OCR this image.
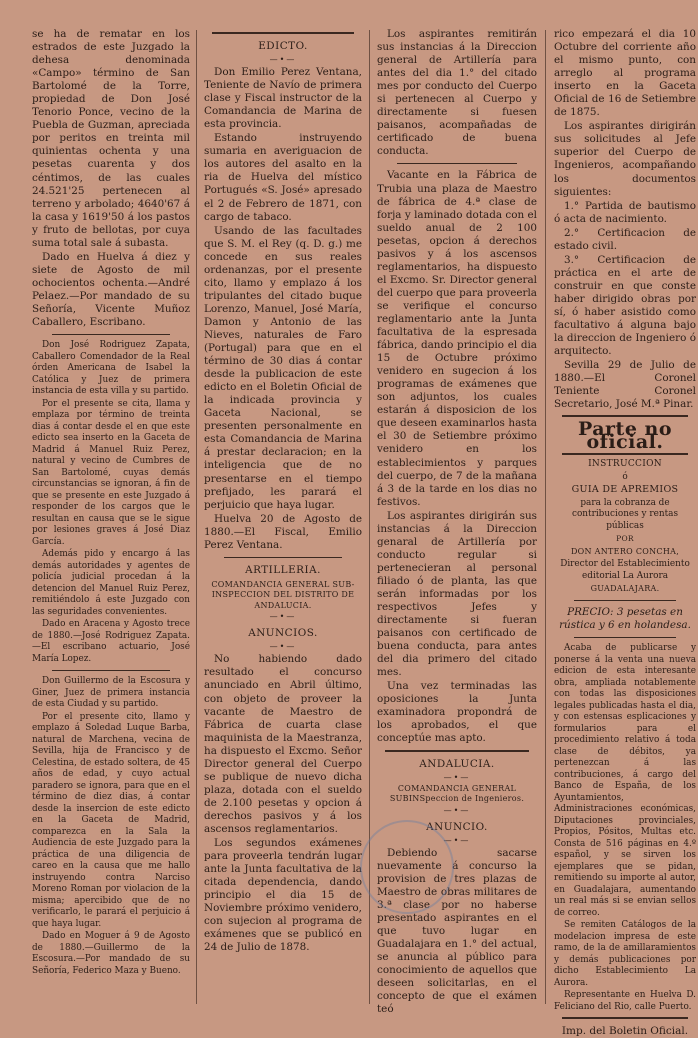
se ha de rematar en los estrados de este Juzgado la dehesa denominada «Campo» término de San Bartolomé de la Torre, propiedad de Don José Tenorio Ponce, vecino de la Puebla de Guzman, apreciada por peritos en treinta mil quinientas ochenta y una pesetas cuarenta y dos céntimos, de las cuales 24.521'25 pertenecen al terreno y arbolado; 4640'67 á la casa y 1619'50 á los pastos y fruto de bellotas, por cuya suma total sale á subasta.

Dado en Huelva á diez y siete de Agosto de mil ochocientos ochenta.—André Pelaez.—Por mandado de su Señoría, Vicente Muñoz Caballero, Escribano.

Don José Rodriguez Zapata, Caballero Comendador de la Real órden Americana de Isabel la Católica y Juez de primera instancia de esta villa y su partido.

Por el presente se cita, llama y emplaza por término de treinta dias á contar desde el en que este edicto sea inserto en la Gaceta de Madrid á Manuel Ruiz Perez, natural y vecino de Cumbres de San Bartolomé, cuyas demás circunstancias se ignoran, á fin de que se presente en este Juzgado á responder de los cargos que le resultan en causa que se le sigue por lesiones graves á José Diaz García.

Además pido y encargo á las demás autoridades y agentes de policía judicial procedan á la detencion del Manuel Ruiz Perez, remitiéndolo á este Juzgado con las seguridades convenientes.

Dado en Aracena y Agosto trece de 1880.—José Rodriguez Zapata.—El escribano actuario, José María Lopez.

Don Guillermo de la Escosura y Giner, Juez de primera instancia de esta Ciudad y su partido.

Por el presente cito, llamo y emplazo á Soledad Luque Barba, natural de Marchena, vecina de Sevilla, hija de Francisco y de Celestina, de estado soltera, de 45 años de edad, y cuyo actual paradero se ignora, para que en el término de diez dias, á contar desde la insercion de este edicto en la Gaceta de Madrid, comparezca en la Sala la Audiencia de este Juzgado para la práctica de una diligencia de careo en la causa que me hallo instruyendo contra Narciso Moreno Roman por violacion de la misma; apercibido que de no verificarlo, le parará el perjuicio á que haya lugar.

Dado en Moguer á 9 de Agosto de 1880.—Guillermo de la Escosura.—Por mandado de su Señoría, Federico Maza y Bueno.

EDICTO.
—•—

Don Emilio Perez Ventana, Teniente de Navío de primera clase y Fiscal instructor de la Comandancia de Marina de esta provincia.

Estando instruyendo sumaria en averiguacion de los autores del asalto en la ria de Huelva del místico Portugués «S. José» apresado el 2 de Febrero de 1871, con cargo de tabaco.

Usando de las facultades que S. M. el Rey (q. D. g.) me concede en sus reales ordenanzas, por el presente cito, llamo y emplazo á los tripulantes del citado buque Lorenzo, Manuel, José María, Damon y Antonio de las Nieves, naturales de Faro (Portugal) para que en el término de 30 dias á contar desde la publicacion de este edicto en el Boletin Oficial de la indicada provincia y Gaceta Nacional, se presenten personalmente en esta Comandancia de Marina á prestar declaracion; en la inteligencia que de no presentarse en el tiempo prefijado, les parará el perjuicio que haya lugar.

Huelva 20 de Agosto de 1880.—El Fiscal, Emilio Perez Ventana.

ARTILLERIA.
COMANDANCIA GENERAL SUB-INSPECCION DEL DISTRITO DE ANDALUCIA.
—•—
ANUNCIOS.
—•—

No habiendo dado resultado el concurso anunciado en Abril último, con objeto de proveer la vacante de Maestro de Fábrica de cuarta clase maquinista de la Maestranza, ha dispuesto el Excmo. Señor Director general del Cuerpo se publique de nuevo dicha plaza, dotada con el sueldo de 2.100 pesetas y opcion á derechos pasivos y á los ascensos reglamentarios.

Los segundos exámenes para proveerla tendrán lugar ante la Junta facultativa de la citada dependencia, dando principio el dia 15 de Noviembre próximo venidero, con sujecion al programa de exámenes que se publicó en 24 de Julio de 1878.

Los aspirantes remitirán sus instancias á la Direccion general de Artillería para antes del dia 1.° del citado mes por conducto del Cuerpo si pertenecen al Cuerpo y directamente si fuesen paisanos, acompañadas de certificado de buena conducta.

Vacante en la Fábrica de Trubia una plaza de Maestro de fábrica de 4.ª clase de forja y laminado dotada con el sueldo anual de 2 100 pesetas, opcion á derechos pasivos y á los ascensos reglamentarios, ha dispuesto el Excmo. Sr. Director general del cuerpo que para proveerla se verifique el concurso reglamentario ante la Junta facultativa de la espresada fábrica, dando principio el dia 15 de Octubre próximo venidero en sugecion á los programas de exámenes que son adjuntos, los cuales estarán á disposicion de los que deseen examinarlos hasta el 30 de Setiembre próximo venidero en los establecimientos y parques del cuerpo, de 7 de la mañana á 3 de la tarde en los dias no festivos.

Los aspirantes dirigirán sus instancias á la Direccion genaral de Artillería por conducto regular si pertenecieran al personal filiado ó de planta, las que serán informadas por los respectivos Jefes y directamente si fueran paisanos con certificado de buena conducta, para antes del dia primero del citado mes.

Una vez terminadas las oposiciones la Junta examinadora propondrá de los aprobados, el que conceptúe mas apto.

ANDALUCIA.
—•—
COMANDANCIA GENERAL SUBINSpeccion de Ingenieros.
—•—
ANUNCIO.
—•—

Debiendo sacarse nuevamente á concurso la provision de tres plazas de Maestro de obras militares de 3.ª clase por no haberse presentado aspirantes en el que tuvo lugar en Guadalajara en 1.° del actual, se anuncia al público para conocimiento de aquellos que deseen solicitarlas, en el concepto de que el exámen teó

rico empezará el dia 10 Octubre del corriente año el mismo punto, con arreglo al programa inserto en la Gaceta Oficial de 16 de Setiembre de 1875.

Los aspirantes dirigirán sus solicitudes al Jefe superior del Cuerpo de Ingenieros, acompañando los documentos siguientes:

1.° Partida de bautismo ó acta de nacimiento.

2.° Certificacion de estado civil.

3.° Certificacion de práctica en el arte de construir en que conste haber dirigido obras por sí, ó haber asistido como facultativo á alguna bajo la direccion de Ingeniero ó arquitecto.

Sevilla 29 de Julio de 1880.—El Coronel Teniente Coronel Secretario, José M.ª Pinar.

Parte no oficial.
INSTRUCCION
ó
GUIA DE APREMIOS
para la cobranza de contribuciones y rentas públicas
POR
DON ANTERO CONCHA,
Director del Establecimiento editorial La Aurora
GUADALAJARA.

PRECIO: 3 pesetas en rústica y 6 en holandesa.

Acaba de publicarse y ponerse á la venta una nueva edicion de esta interesante obra, ampliada notablemente con todas las disposiciones legales publicadas hasta el dia, y con estensas esplicaciones y formularios para el procedimiento relativo á toda clase de débitos, ya pertenezcan á las contribuciones, á cargo del Banco de España, de los Ayuntamientos, Administraciones económicas, Diputaciones provinciales, Propios, Pósitos, Multas etc. Consta de 516 páginas en 4.º español, y se sirven los ejemplares que se pidan, remitiendo su importe al autor, en Guadalajara, aumentando un real más si se envian sellos de correo.

Se remiten Catálogos de la modelacion impresa de este ramo, de la de amillaramientos y demás publicaciones por dicho Establecimiento La Aurora.

Representante en Huelva D. Feliciano del Rio, calle Puerto.

Imp. del Boletin Oficial.
